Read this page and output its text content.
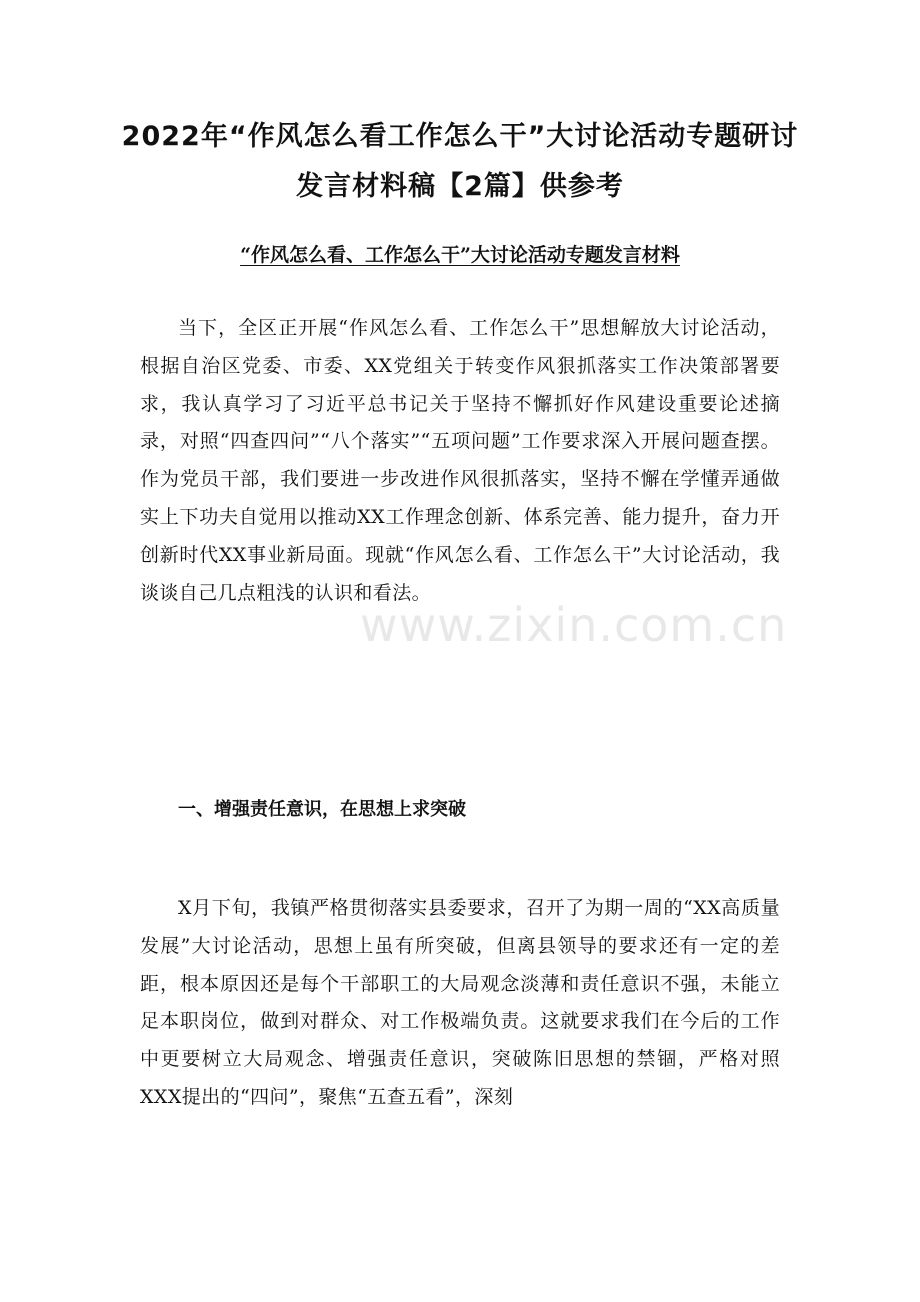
2022年“作风怎么看工作怎么干”大讨论活动专题研讨发言材料稿【2篇】供参考

“作风怎么看、工作怎么干”大讨论活动专题发言材料

当下，全区正开展“作风怎么看、工作怎么干”思想解放大讨论活动，根据自治区党委、市委、XX党组关于转变作风狠抓落实工作决策部署要求，我认真学习了习近平总书记关于坚持不懈抓好作风建设重要论述摘录，对照“四查四问”“八个落实”“五项问题”工作要求深入开展问题查摆。作为党员干部，我们要进一步改进作风很抓落实，坚持不懈在学懂弄通做实上下功夫自觉用以推动XX工作理念创新、体系完善、能力提升，奋力开创新时代XX事业新局面。现就“作风怎么看、工作怎么干”大讨论活动，我谈谈自己几点粗浅的认识和看法。

www.zixin.com.cn
一、增强责任意识，在思想上求突破

X月下旬，我镇严格贯彻落实县委要求，召开了为期一周的“XX高质量发展”大讨论活动，思想上虽有所突破，但离县领导的要求还有一定的差距，根本原因还是每个干部职工的大局观念淡薄和责任意识不强，未能立足本职岗位，做到对群众、对工作极端负责。这就要求我们在今后的工作中更要树立大局观念、增强责任意识，突破陈旧思想的禁锢，严格对照XXX提出的“四问”，聚焦“五查五看”，深刻
